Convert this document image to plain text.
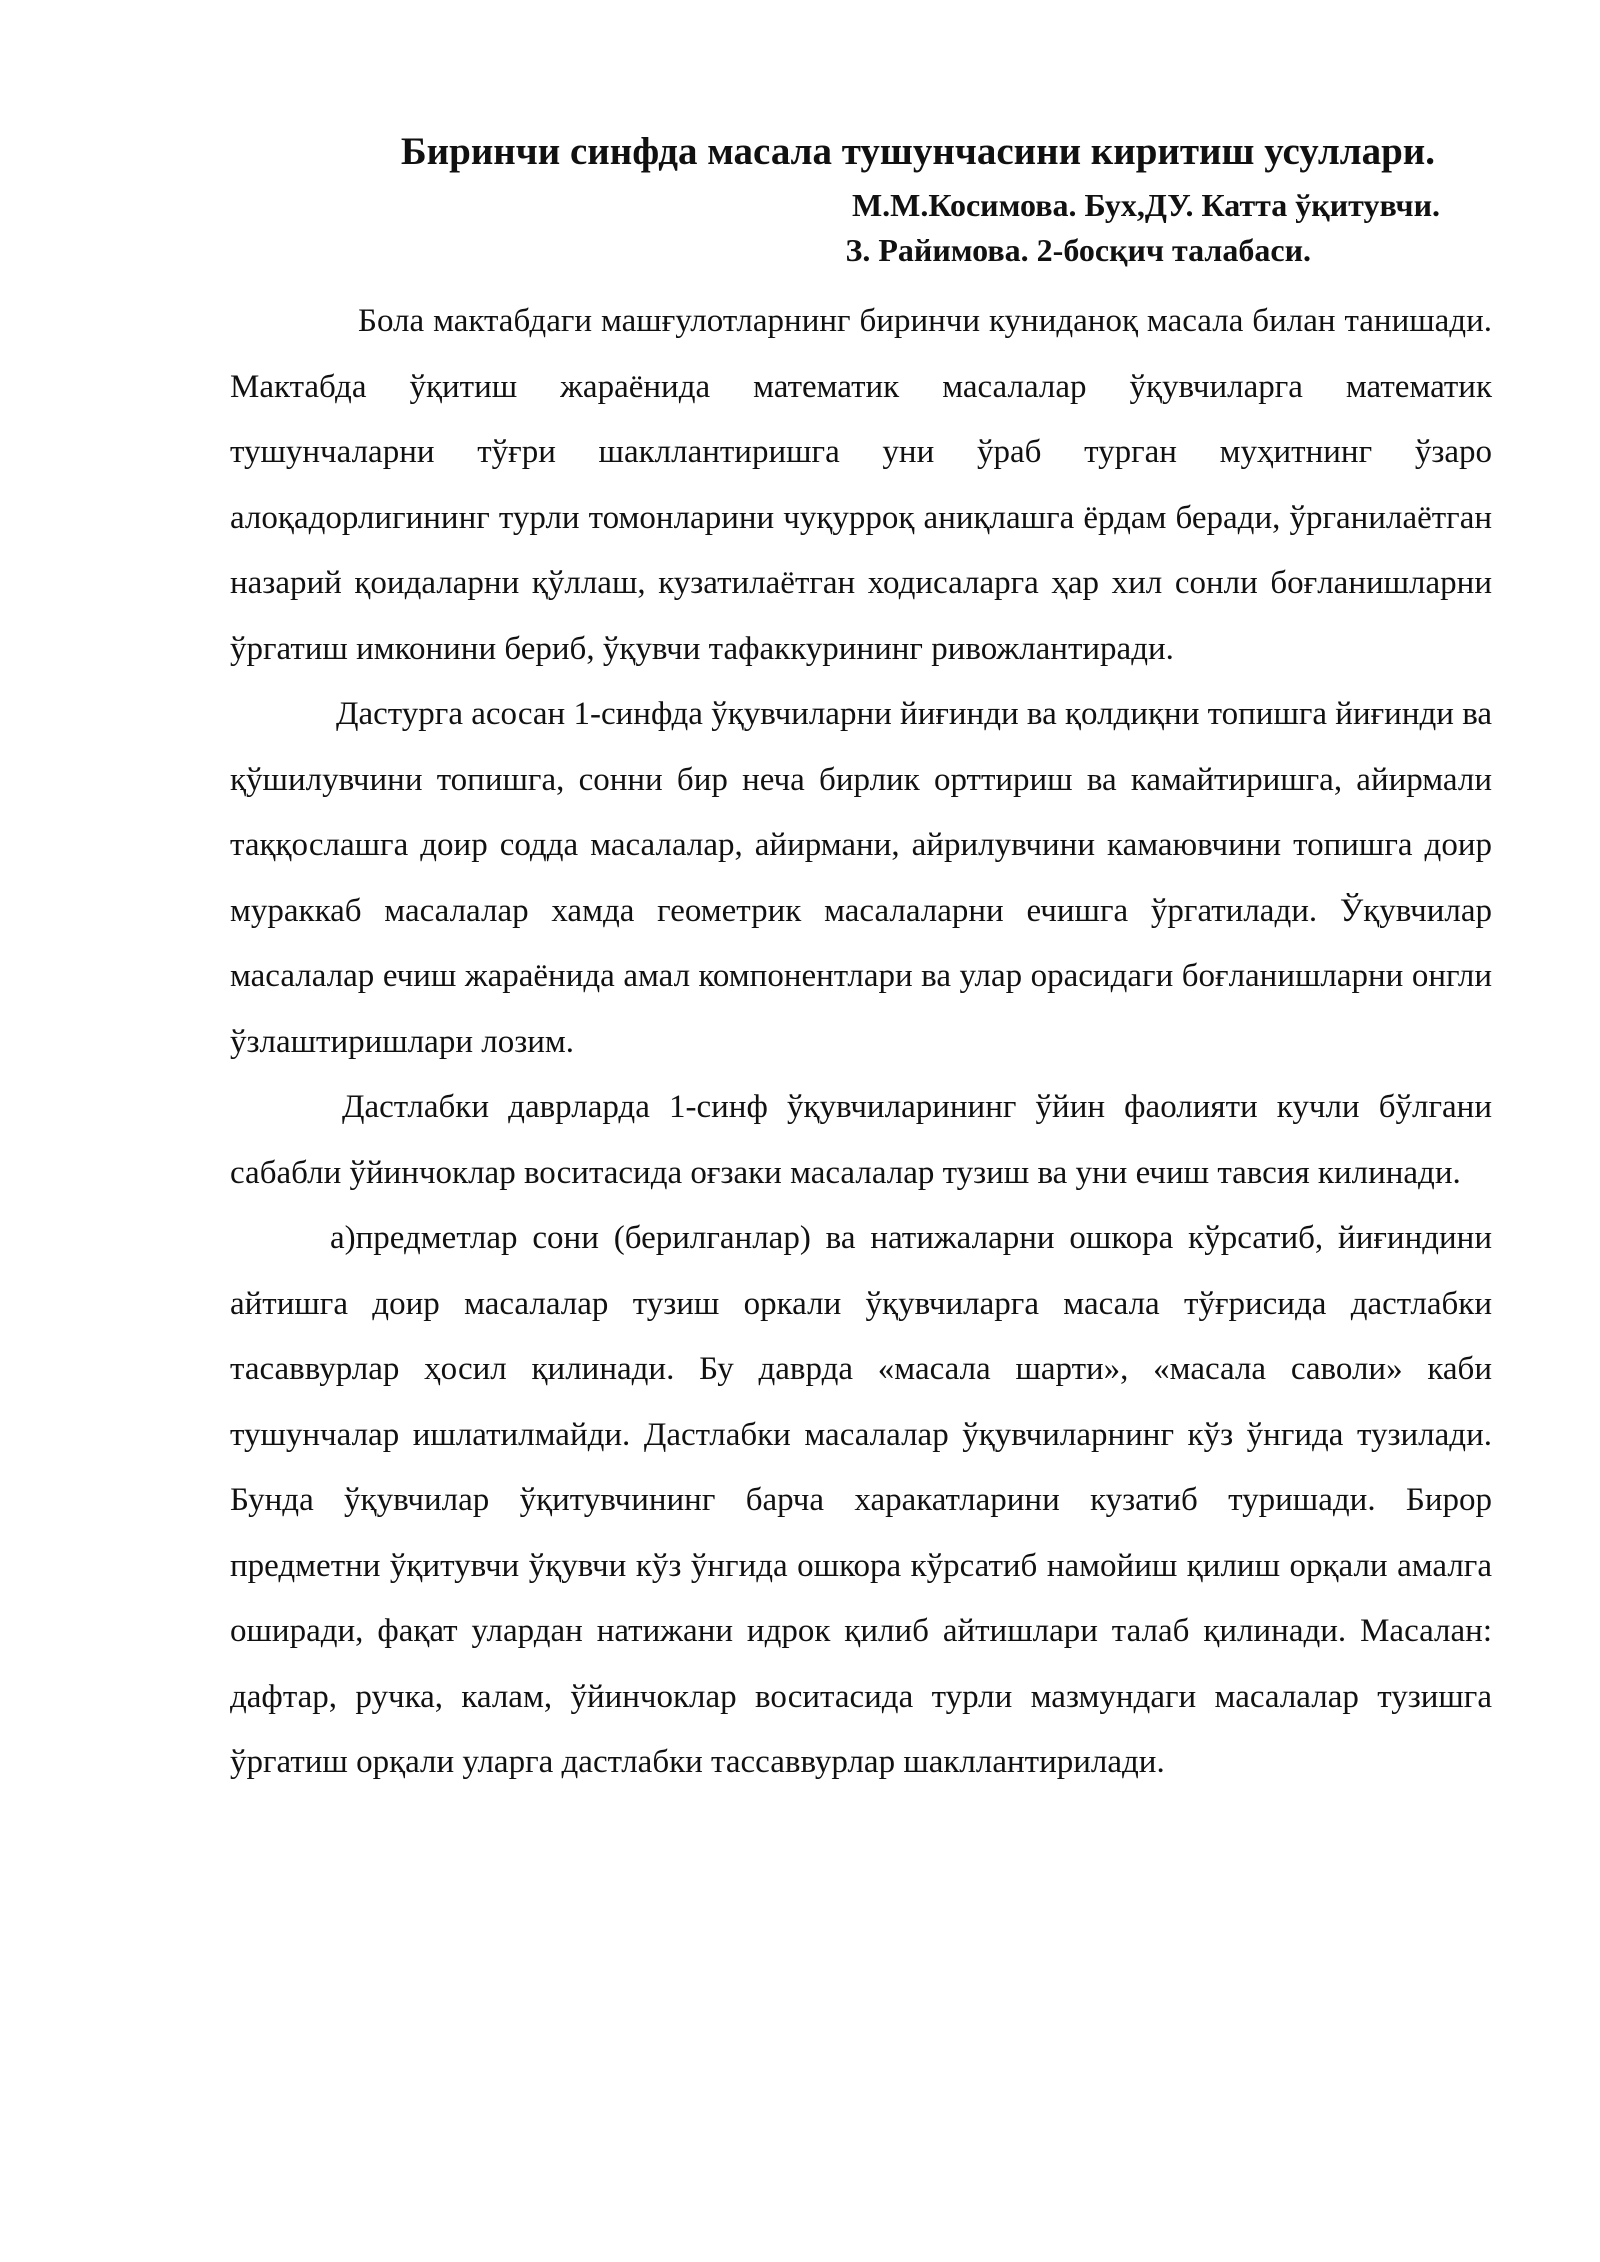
Биринчи синфда масала тушунчасини киритиш усуллари.

М.М.Косимова. Бух,ДУ. Катта ўқитувчи.

З. Райимова. 2-босқич талабаси.

Бола мактабдаги машғулотларнинг биринчи куниданоқ масала билан танишади. Мактабда ўқитиш жараёнида математик масалалар ўқувчиларга математик тушунчаларни тўғри шакллантиришга уни ўраб турган муҳитнинг ўзаро алоқадорлигининг турли томонларини чуқурроқ аниқлашга ёрдам беради, ўрганилаётган назарий қоидаларни қўллаш, кузатилаётган ходисаларга ҳар хил сонли боғланишларни ўргатиш имконини бериб, ўқувчи тафаккурининг ривожлантиради.

Дастурга асосан 1-синфда ўқувчиларни йиғинди ва қолдиқни топишга йиғинди ва қўшилувчини топишга, сонни бир неча бирлик орттириш ва камайтиришга, айирмали таққослашга доир содда масалалар, айирмани, айрилувчини камаювчини топишга доир мураккаб масалалар хамда геометрик масалаларни ечишга ўргатилади. Ўқувчилар масалалар ечиш жараёнида амал компонентлари ва улар орасидаги боғланишларни онгли ўзлаштиришлари лозим.

Дастлабки даврларда 1-синф ўқувчиларининг ўйин фаолияти кучли бўлгани сабабли ўйинчоклар воситасида оғзаки масалалар тузиш ва уни ечиш тавсия килинади.

а)предметлар сони (берилганлар) ва натижаларни ошкора кўрсатиб, йиғиндини айтишга доир масалалар тузиш оркали ўқувчиларга масала тўғрисида дастлабки тасаввурлар ҳосил қилинади. Бу даврда «масала шарти», «масала саволи» каби тушунчалар ишлатилмайди. Дастлабки масалалар ўқувчиларнинг кўз ўнгида тузилади. Бунда ўқувчилар ўқитувчининг барча харакатларини кузатиб туришади. Бирор предметни ўқитувчи ўқувчи кўз ўнгида ошкора кўрсатиб намойиш қилиш орқали амалга оширади, фақат улардан натижани идрок қилиб айтишлари талаб қилинади. Масалан: дафтар, ручка, калам, ўйинчоклар воситасида турли мазмундаги масалалар тузишга ўргатиш орқали уларга дастлабки тассаввурлар шакллантирилади.
